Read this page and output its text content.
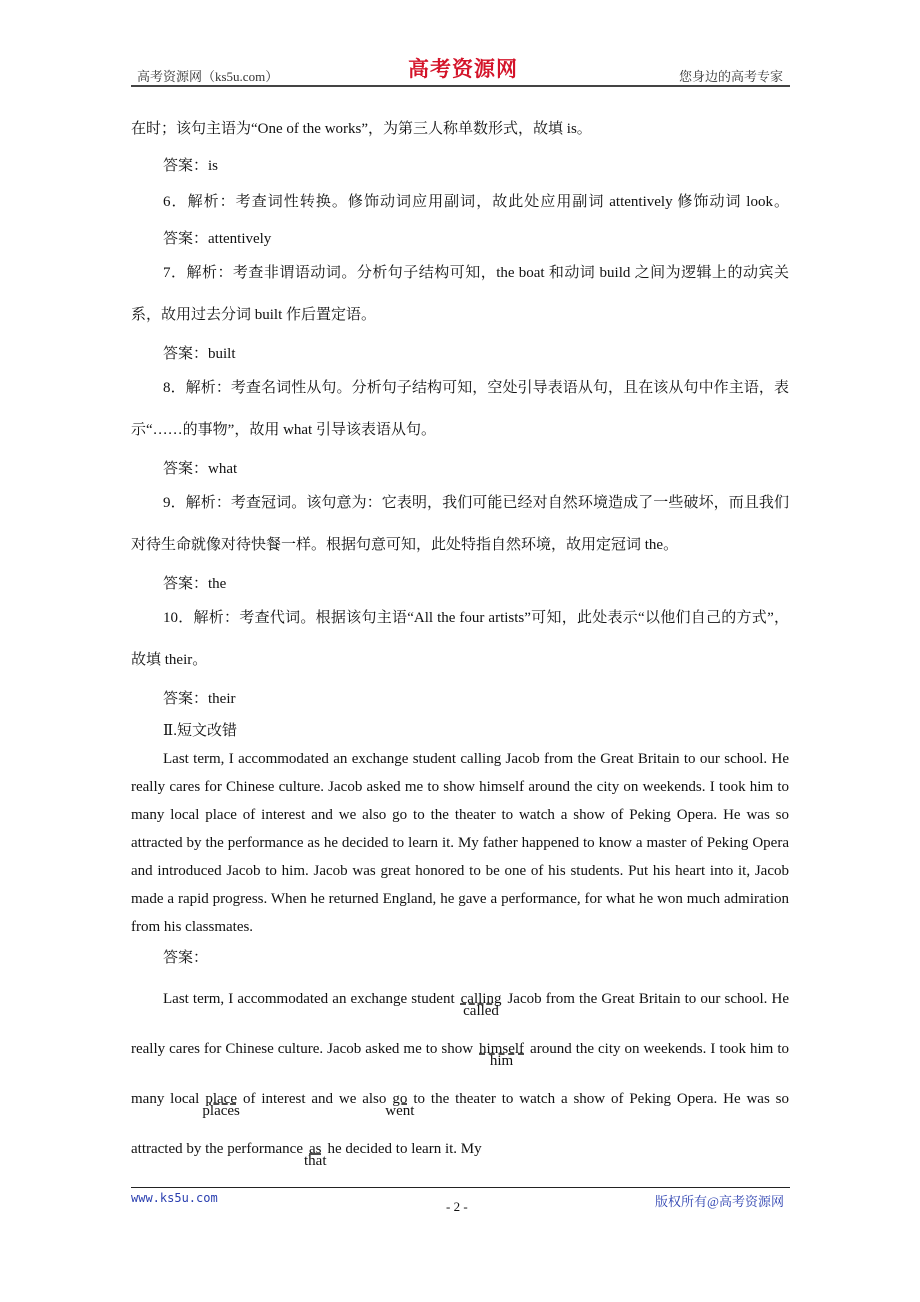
高考资源网（ks5u.com）	高考资源网	您身边的高考专家
在时；该句主语为“One of the works”，为第三人称单数形式，故填 is。
答案：is
6．解析：考查词性转换。修饰动词应用副词，故此处应用副词 attentively 修饰动词 look。
答案：attentively
7．解析：考查非谓语动词。分析句子结构可知，the boat 和动词 build 之间为逻辑上的动宾关系，故用过去分词 built 作后置定语。
答案：built
8．解析：考查名词性从句。分析句子结构可知，空处引导表语从句，且在该从句中作主语，表示“……的事物”，故用 what 引导该表语从句。
答案：what
9．解析：考查冠词。该句意为：它表明，我们可能已经对自然环境造成了一些破坏，而且我们对待生命就像对待快餐一样。根据句意可知，此处特指自然环境，故用定冠词 the。
答案：the
10．解析：考查代词。根据该句主语“All the four artists”可知，此处表示“以他们自己的方式”，故填 their。
答案：their
Ⅱ.短文改错
Last term, I accommodated an exchange student calling Jacob from the Great Britain to our school. He really cares for Chinese culture. Jacob asked me to show himself around the city on weekends. I took him to many local place of interest and we also go to the theater to watch a show of Peking Opera. He was so attracted by the performance as he decided to learn it. My father happened to know a master of Peking Opera and introduced Jacob to him. Jacob was great honored to be one of his students. Put his heart into it, Jacob made a rapid progress. When he returned England, he gave a performance, for what he won much admiration from his classmates.
答案：
Last term, I accommodated an exchange student calling
called
Jacob from the Great Britain to our school. He really cares for Chinese culture. Jacob asked me to show himself
him
around the city on weekends. I took him to many local place
places
of interest and we also go
went
to the theater to watch a show of Peking Opera. He was so attracted by the performance as
that
he decided to learn it. My
www.ks5u.com
- 2 -	版权所有@高考资源网
